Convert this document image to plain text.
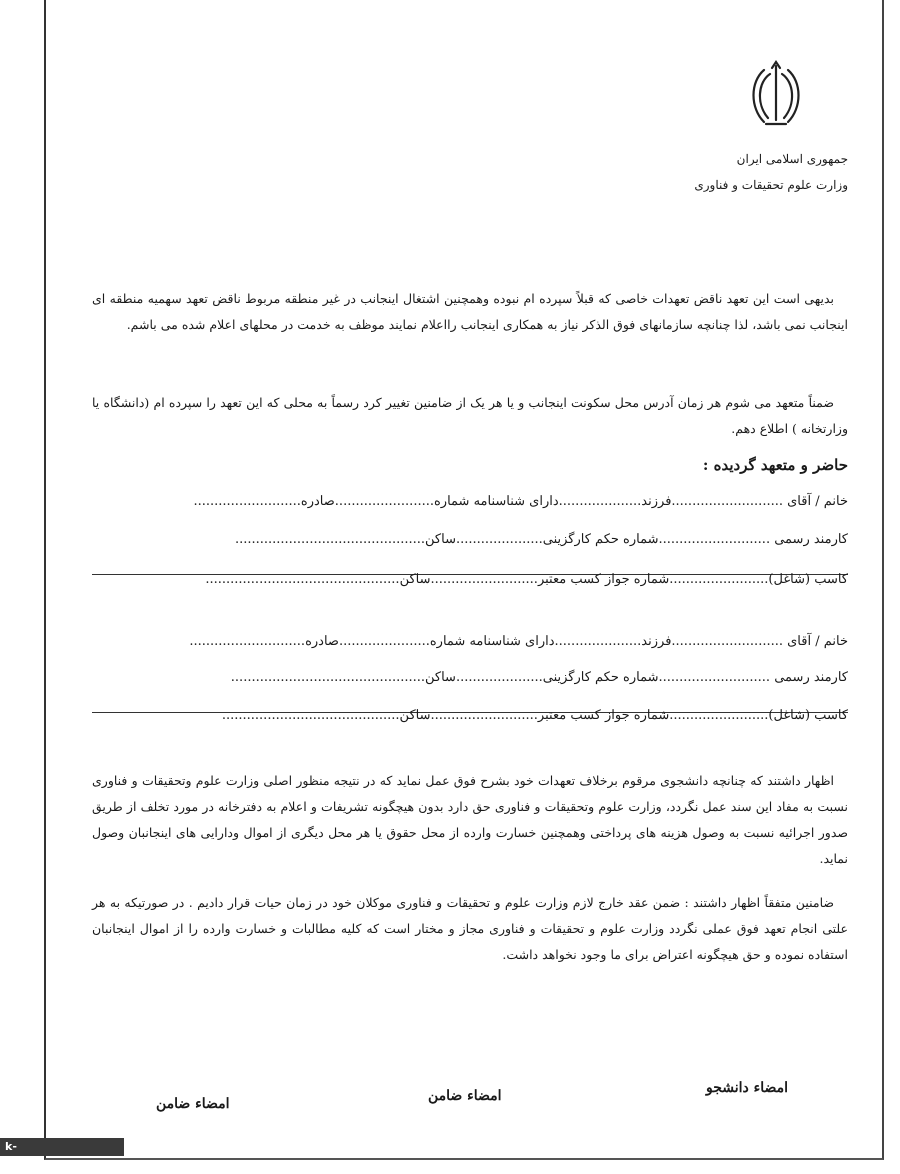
جمهوری اسلامی ایران
وزارت علوم تحقیقات و فناوری
بدیهی است این تعهد ناقض تعهدات خاصی که قبلاً سپرده ام نبوده وهمچنین اشتغال اینجانب در غیر منطقه مربوط ناقض تعهد سهمیه منطقه ای اینجانب نمی باشد، لذا چنانچه سازمانهای فوق الذکر نیاز به همکاری اینجانب رااعلام نمایند موظف به خدمت در محلهای اعلام شده می باشم.
ضمناً متعهد می شوم هر زمان آدرس محل سکونت اینجانب و یا هر یک از ضامنین تغییر کرد رسماً به محلی که این تعهد را سپرده ام (دانشگاه یا وزارتخانه ) اطلاع دهم.
حاضر و متعهد گردیده :
خانم / آقای ...........................فرزند....................دارای شناسنامه شماره........................صادره..........................
کارمند رسمی ...........................شماره حکم کارگزینی.....................ساکن..............................................
کاسب (شاغل)........................شماره جواز کسب معتبر..........................ساکن...............................................
خانم / آقای ...........................فرزند.....................دارای شناسنامه شماره......................صادره............................
کارمند رسمی ...........................شماره حکم کارگزینی.....................ساکن...............................................
کاسب (شاغل)........................شماره جواز کسب معتبر..........................ساکن...........................................
اظهار داشتند که چنانچه دانشجوی مرقوم برخلاف تعهدات خود بشرح فوق عمل نماید که در نتیجه منظور اصلی وزارت علوم وتحقیقات و فناوری نسبت به مفاد این سند عمل نگردد، وزارت علوم وتحقیقات و فناوری حق دارد بدون هیچگونه تشریفات و اعلام به دفترخانه در مورد تخلف از طریق صدور اجرائیه نسبت به وصول هزینه های پرداختی وهمچنین خسارت وارده از محل حقوق یا هر محل دیگری از اموال ودارایی های اینجانبان وصول نماید.
ضامنین متفقاً اظهار داشتند : ضمن عقد خارج لازم وزارت علوم و تحقیقات و فناوری موکلان خود در زمان حیات قرار دادیم . در صورتیکه به هر علتی انجام تعهد فوق عملی نگردد وزارت علوم و تحقیقات و فناوری مجاز و مختار است که کلیه مطالبات و خسارت وارده را از اموال اینجانبان استفاده نموده و حق هیچگونه اعتراض برای ما وجود نخواهد داشت.
امضاء دانشجو
امضاء ضامن
امضاء ضامن
k-samangan.tvu.ac.ir
